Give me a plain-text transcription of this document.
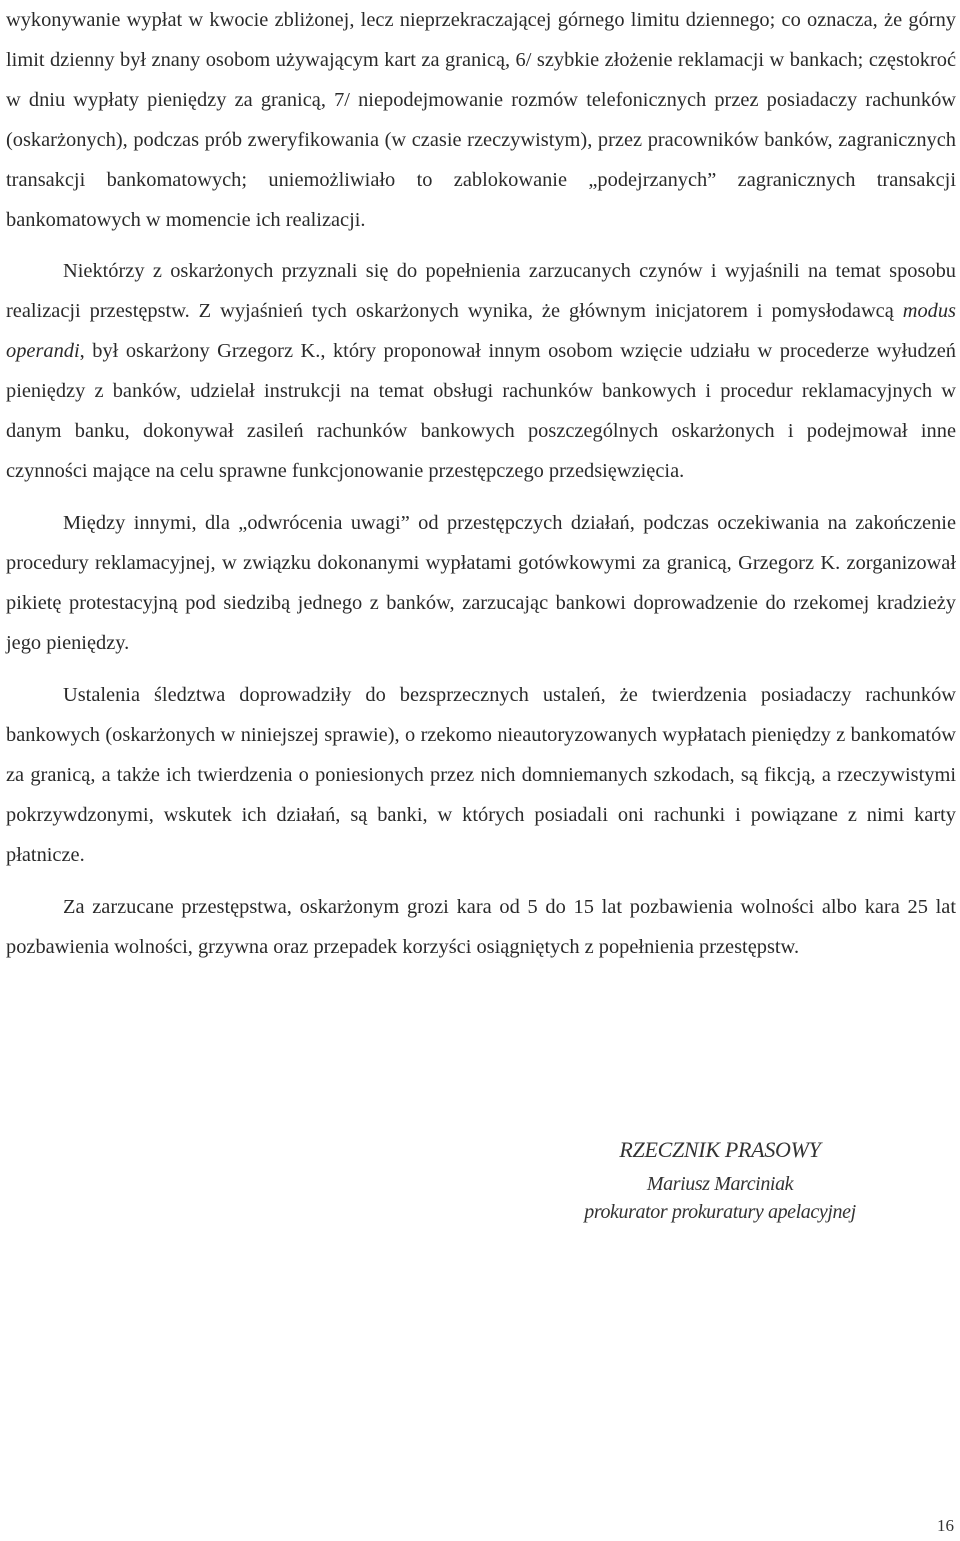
wykonywanie wypłat w kwocie zbliżonej, lecz nieprzekraczającej górnego limitu dziennego; co oznacza, że górny limit dzienny był znany osobom używającym kart za granicą, 6/ szybkie złożenie reklamacji w bankach; częstokroć w dniu wypłaty pieniędzy za granicą, 7/ niepodejmowanie rozmów telefonicznych przez posiadaczy rachunków (oskarżonych), podczas prób zweryfikowania (w czasie rzeczywistym), przez pracowników banków, zagranicznych transakcji bankomatowych; uniemożliwiało to zablokowanie „podejrzanych” zagranicznych transakcji bankomatowych w momencie ich realizacji.

Niektórzy z oskarżonych przyznali się do popełnienia zarzucanych czynów i wyjaśnili na temat sposobu realizacji przestępstw. Z wyjaśnień tych oskarżonych wynika, że głównym inicjatorem i pomysłodawcą modus operandi, był oskarżony Grzegorz K., który proponował innym osobom wzięcie udziału w procederze wyłudzeń pieniędzy z banków, udzielał instrukcji na temat obsługi rachunków bankowych i procedur reklamacyjnych w danym banku, dokonywał zasileń rachunków bankowych poszczególnych oskarżonych i podejmował inne czynności mające na celu sprawne funkcjonowanie przestępczego przedsięwzięcia.

Między innymi, dla „odwrócenia uwagi” od przestępczych działań, podczas oczekiwania na zakończenie procedury reklamacyjnej, w związku dokonanymi wypłatami gotówkowymi za granicą, Grzegorz K. zorganizował pikietę protestacyjną pod siedzibą jednego z banków, zarzucając bankowi doprowadzenie do rzekomej kradzieży jego pieniędzy.

Ustalenia śledztwa doprowadziły do bezsprzecznych ustaleń, że twierdzenia posiadaczy rachunków bankowych (oskarżonych w niniejszej sprawie), o rzekomo nieautoryzowanych wypłatach pieniędzy z bankomatów za granicą, a także ich twierdzenia o poniesionych przez nich domniemanych szkodach, są fikcją, a rzeczywistymi pokrzywdzonymi, wskutek ich działań, są banki, w których posiadali oni rachunki i powiązane z nimi karty płatnicze.

Za zarzucane przestępstwa, oskarżonym grozi kara od 5 do 15 lat pozbawienia wolności albo kara 25 lat pozbawienia wolności, grzywna oraz przepadek korzyści osiągniętych z popełnienia przestępstw.

RZECZNIK PRASOWY
Mariusz Marciniak
prokurator prokuratury apelacyjnej
16
